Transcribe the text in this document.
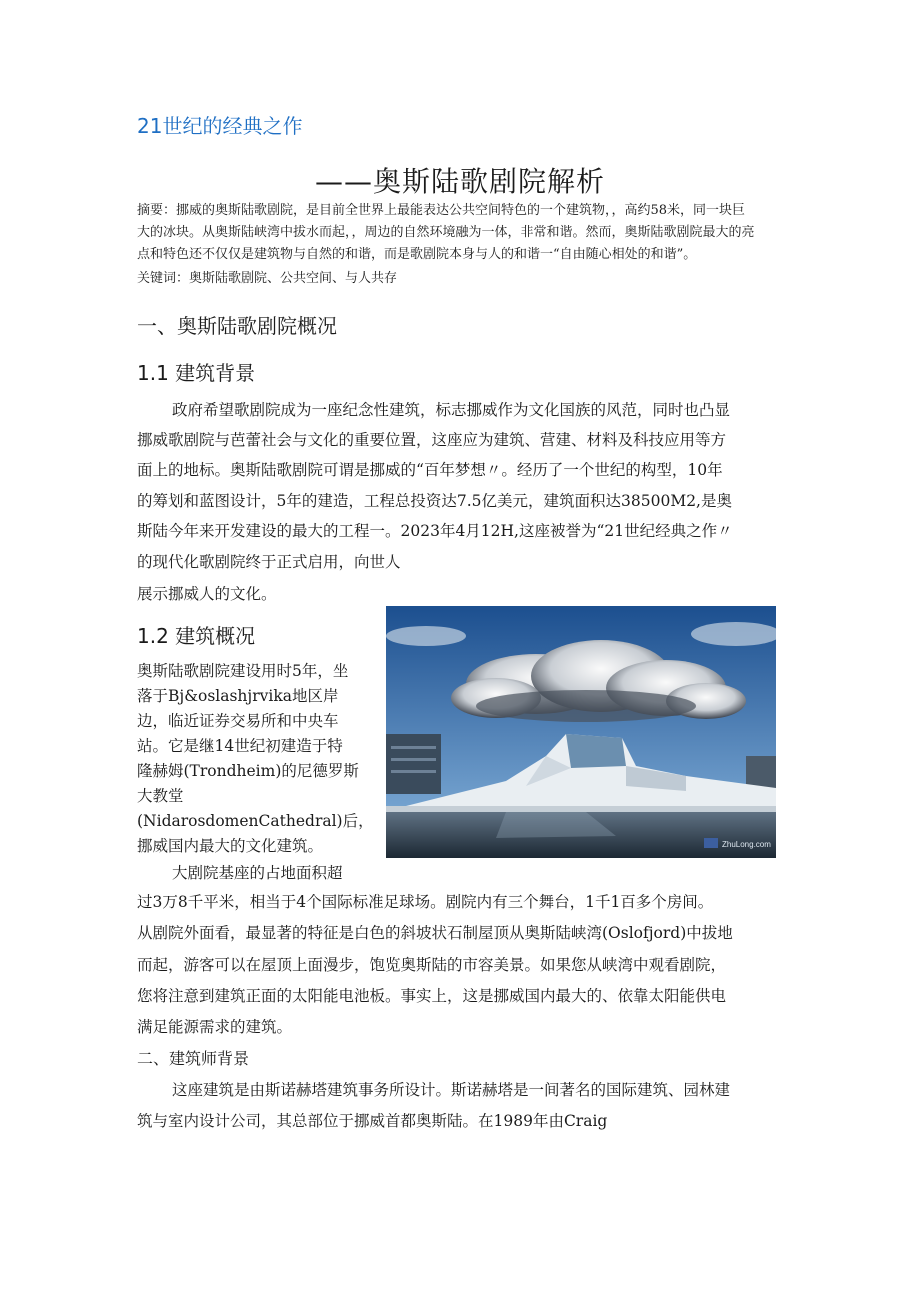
21世纪的经典之作
——奥斯陆歌剧院解析
摘要：挪威的奥斯陆歌剧院，是目前全世界上最能表达公共空间特色的一个建筑物，，高约58米，同一块巨
大的冰块。从奥斯陆峡湾中拔水而起，，周边的自然环境融为一体，非常和谐。然而，奥斯陆歌剧院最大的亮
点和特色还不仅仅是建筑物与自然的和谐，而是歌剧院本身与人的和谐一“自由随心相处的和谐”。
关键词：奥斯陆歌剧院、公共空间、与人共存
一、奥斯陆歌剧院概况
1.1 建筑背景
政府希望歌剧院成为一座纪念性建筑，标志挪威作为文化国族的风范，同时也凸显
挪威歌剧院与芭蕾社会与文化的重要位置，这座应为建筑、营建、材料及科技应用等方
面上的地标。奥斯陆歌剧院可谓是挪威的“百年梦想〃。经历了一个世纪的构型，10年
的筹划和蓝图设计，5年的建造，工程总投资达7.5亿美元，建筑面积达38500M2,是奥
斯陆今年来开发建设的最大的工程一。2023年4月12H,这座被誉为“21世纪经典之作〃
的现代化歌剧院终于正式启用，向世人
展示挪威人的文化。
1.2 建筑概况
奥斯陆歌剧院建设用时5年，坐
落于Bj&oslashjrvika地区岸
边，临近证券交易所和中央车
站。它是继14世纪初建造于特
隆赫姆(Trondheim)的尼德罗斯
大教堂
(NidarosdomenCathedral)后，
挪威国内最大的文化建筑。
大剧院基座的占地面积超
过3万8千平米，相当于4个国际标准足球场。剧院内有三个舞台，1千1百多个房间。
从剧院外面看，最显著的特征是白色的斜坡状石制屋顶从奥斯陆峡湾(Oslofjord)中拔地
而起，游客可以在屋顶上面漫步，饱览奥斯陆的市容美景。如果您从峡湾中观看剧院，
您将注意到建筑正面的太阳能电池板。事实上，这是挪威国内最大的、依靠太阳能供电
满足能源需求的建筑。
二、建筑师背景
这座建筑是由斯诺赫塔建筑事务所设计。斯诺赫塔是一间著名的国际建筑、园林建
筑与室内设计公司，其总部位于挪威首都奥斯陆。在1989年由Craig
ZhuLong.com
